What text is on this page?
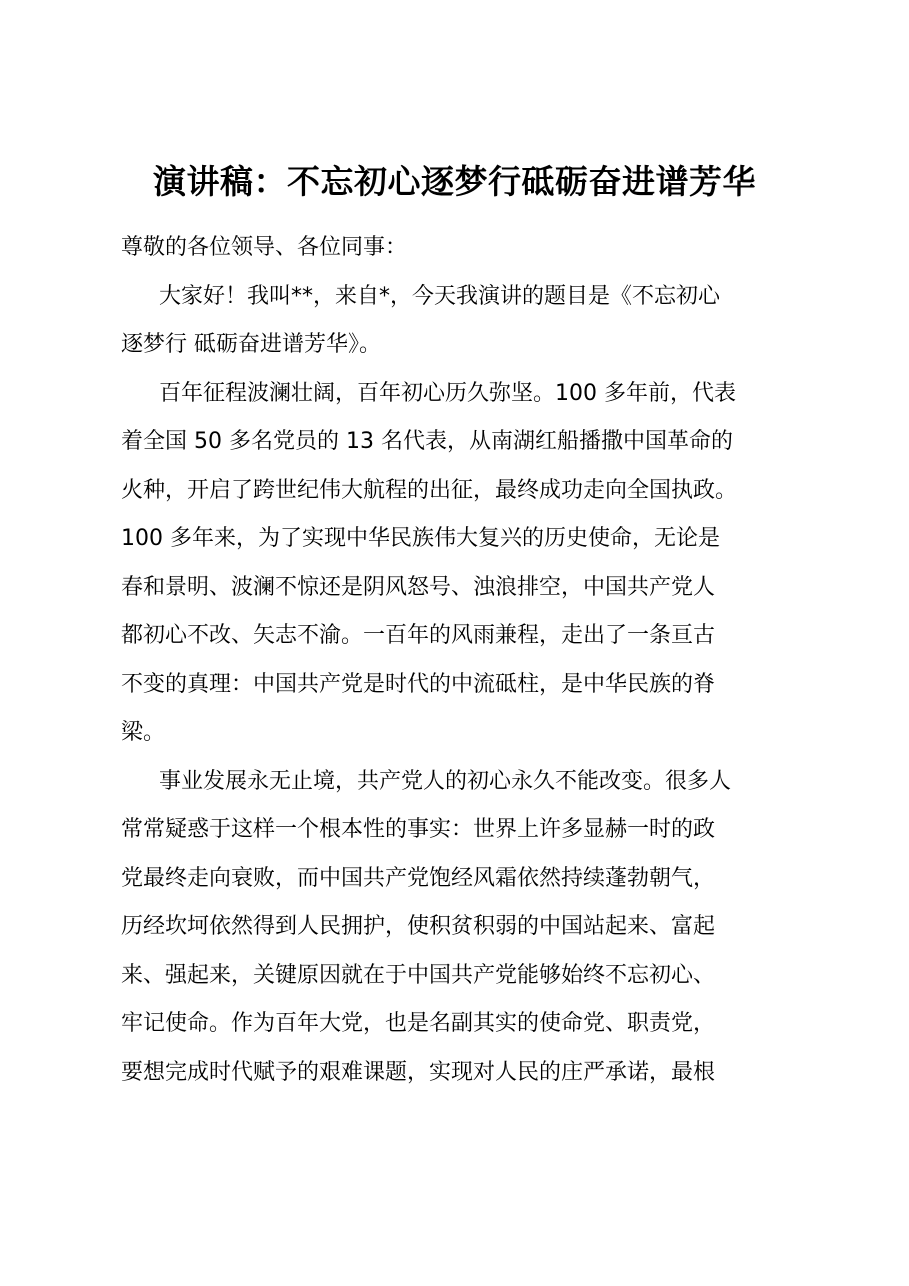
演讲稿：不忘初心逐梦行砥砺奋进谱芳华

尊敬的各位领导、各位同事：

大家好！我叫**，来自*，今天我演讲的题目是《不忘初心
逐梦行 砥砺奋进谱芳华》。

百年征程波澜壮阔，百年初心历久弥坚。100 多年前，代表
着全国 50 多名党员的 13 名代表，从南湖红船播撒中国革命的
火种，开启了跨世纪伟大航程的出征，最终成功走向全国执政。
100 多年来，为了实现中华民族伟大复兴的历史使命，无论是
春和景明、波澜不惊还是阴风怒号、浊浪排空，中国共产党人
都初心不改、矢志不渝。一百年的风雨兼程，走出了一条亘古
不变的真理：中国共产党是时代的中流砥柱，是中华民族的脊
梁。

事业发展永无止境，共产党人的初心永久不能改变。很多人
常常疑惑于这样一个根本性的事实：世界上许多显赫一时的政
党最终走向衰败，而中国共产党饱经风霜依然持续蓬勃朝气，
历经坎坷依然得到人民拥护，使积贫积弱的中国站起来、富起
来、强起来，关键原因就在于中国共产党能够始终不忘初心、
牢记使命。作为百年大党，也是名副其实的使命党、职责党，
要想完成时代赋予的艰难课题，实现对人民的庄严承诺，最根
